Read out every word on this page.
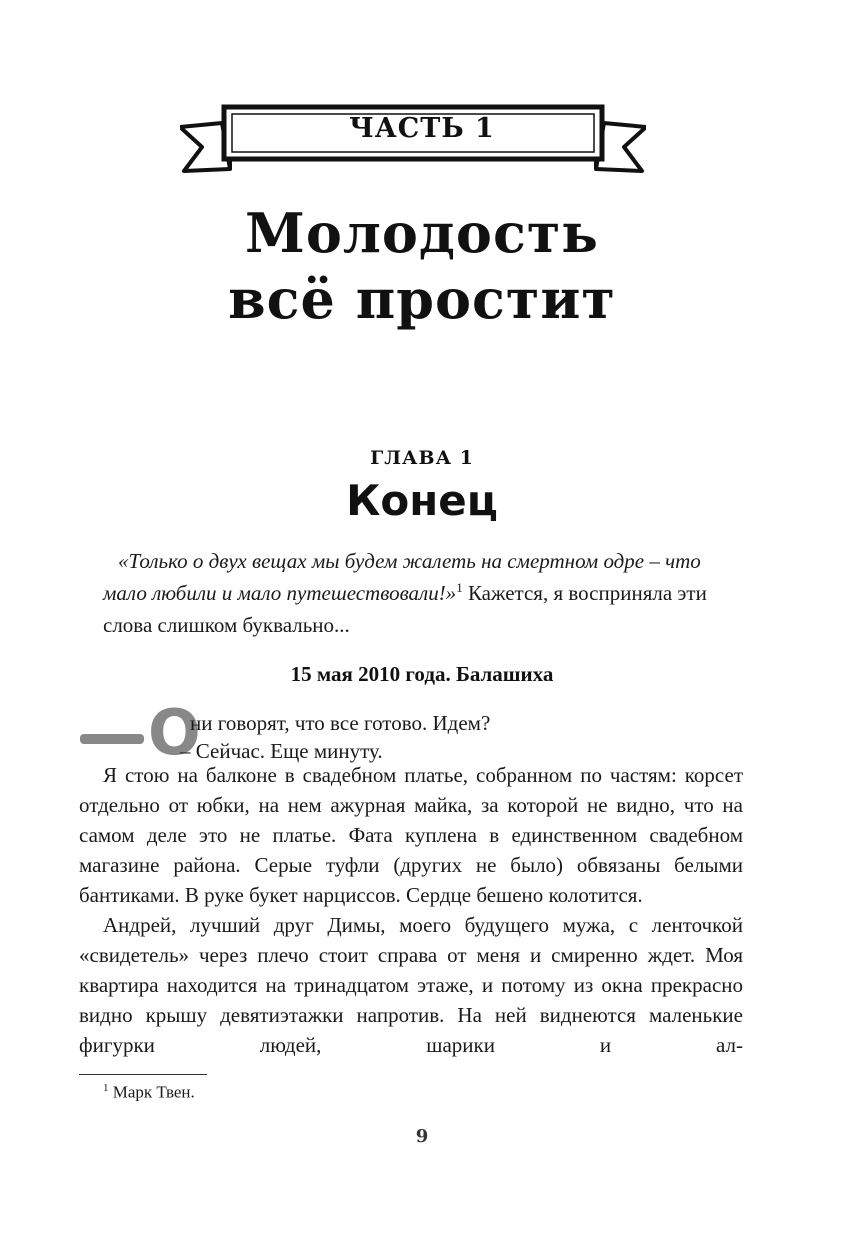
ЧАСТЬ 1
Молодость
всё простит
ГЛАВА 1
Конец
«Только о двух вещах мы будем жалеть на смертном одре – что мало любили и мало путешествовали!»$^1$ Кажется, я восприняла эти слова слишком буквально...
15 мая 2010 года. Балашиха
О
ни говорят, что все готово. Идем?
– Сейчас. Еще минуту.

Я стою на балконе в свадебном платье, собранном по частям: корсет отдельно от юбки, на нем ажурная майка, за которой не видно, что на самом деле это не платье. Фата куплена в единственном свадебном магазине района. Серые туфли (других не было) обвязаны белыми бантиками. В руке букет нарциссов. Сердце бешено колотится.

Андрей, лучший друг Димы, моего будущего мужа, с ленточкой «свидетель» через плечо стоит справа от меня и смиренно ждет. Моя квартира находится на тринадцатом этаже, и потому из окна прекрасно видно крышу девятиэтажки напротив. На ней виднеются маленькие фигурки людей, шарики и ал-

$^1$ Марк Твен.
9
